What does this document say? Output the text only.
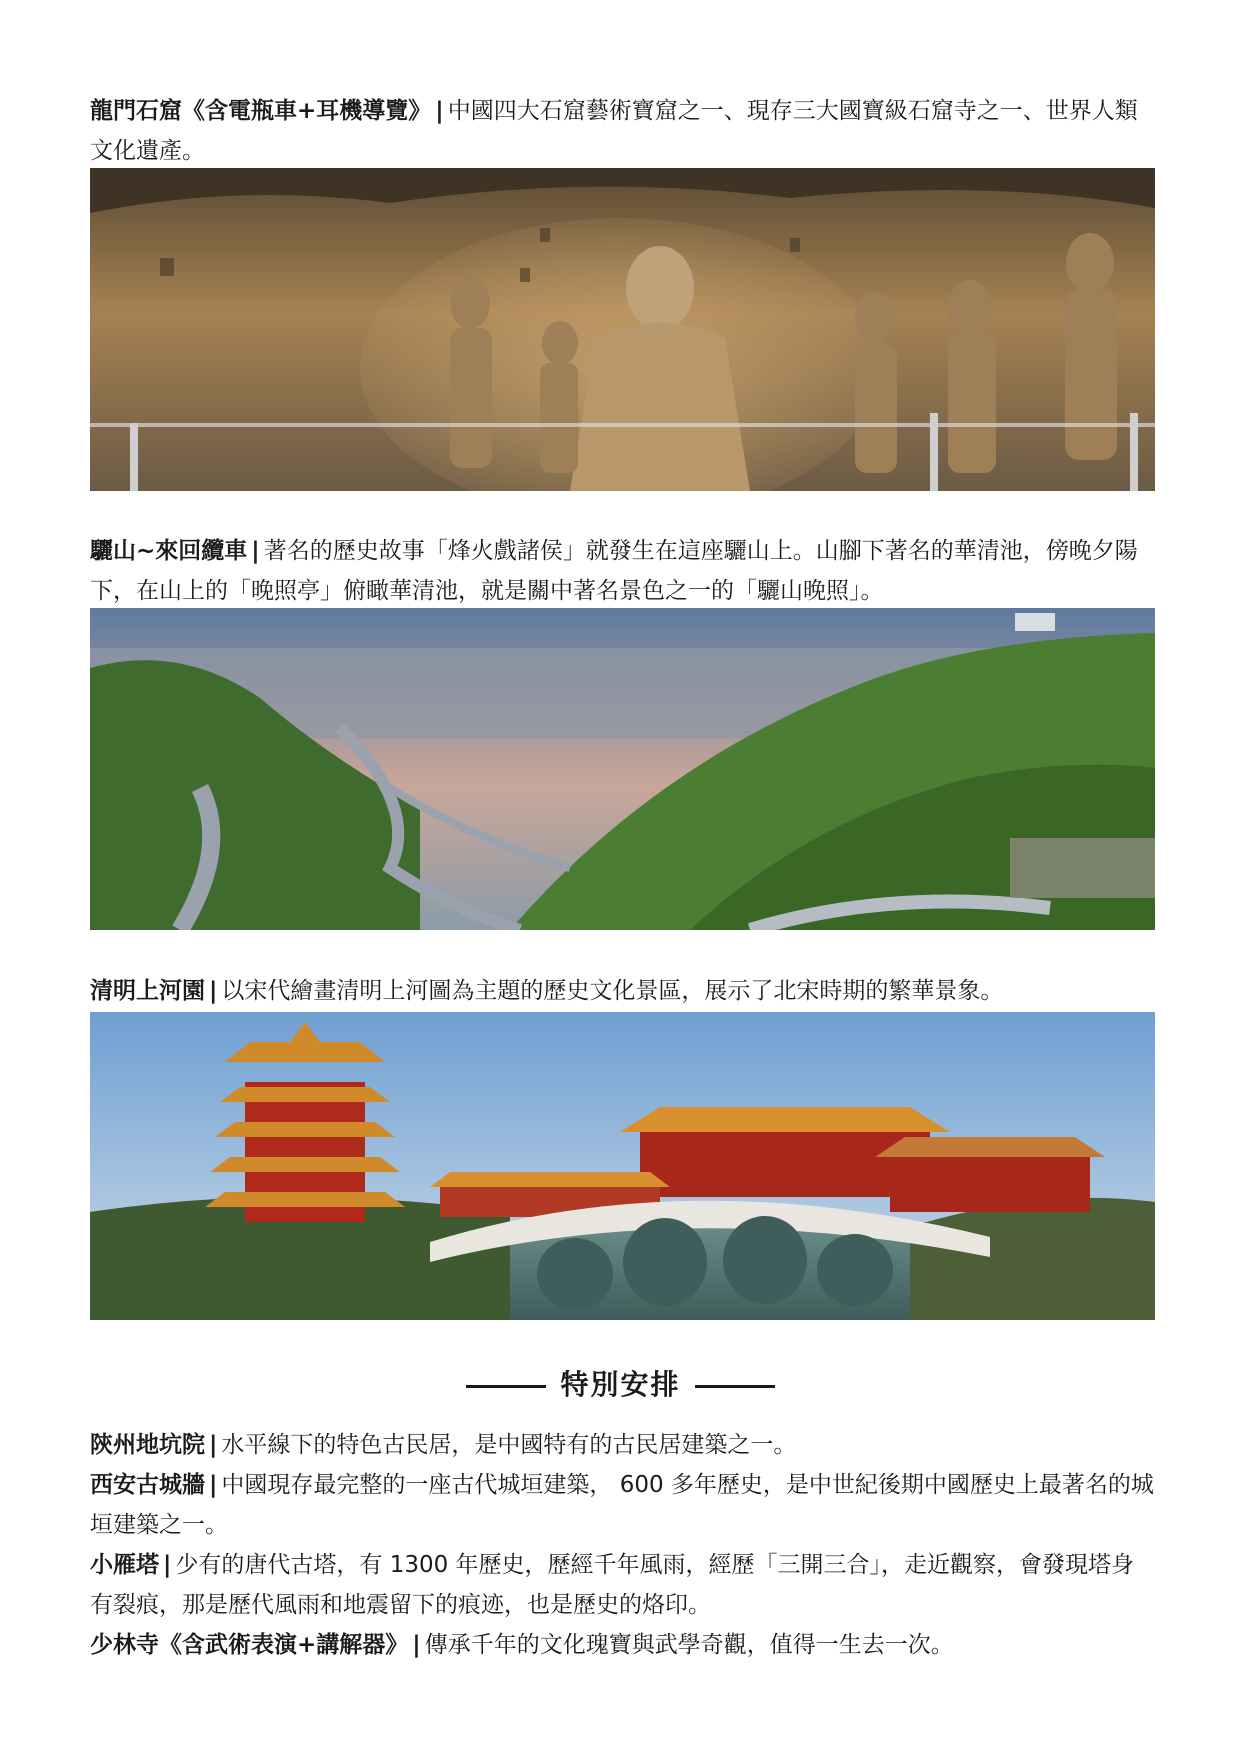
龍門石窟《含電瓶車+耳機導覽》 | 中國四大石窟藝術寶窟之一、現存三大國寶級石窟寺之一、世界人類文化遺產。

驪山~來回纜車 | 著名的歷史故事「烽火戲諸侯」就發生在這座驪山上。山腳下著名的華清池，傍晚夕陽下，在山上的「晚照亭」俯瞰華清池，就是關中著名景色之一的「驪山晚照」。

清明上河園 | 以宋代繪畫清明上河圖為主題的歷史文化景區，展示了北宋時期的繁華景象。

特別安排

陝州地坑院 | 水平線下的特色古民居，是中國特有的古民居建築之一。

西安古城牆 | 中國現存最完整的一座古代城垣建築， 600 多年歷史，是中世紀後期中國歷史上最著名的城垣建築之一。

小雁塔 | 少有的唐代古塔，有 1300 年歷史，歷經千年風雨，經歷「三開三合」，走近觀察，會發現塔身有裂痕，那是歷代風雨和地震留下的痕迹，也是歷史的烙印。

少林寺《含武術表演+講解器》 | 傳承千年的文化瑰寶與武學奇觀，值得一生去一次。
